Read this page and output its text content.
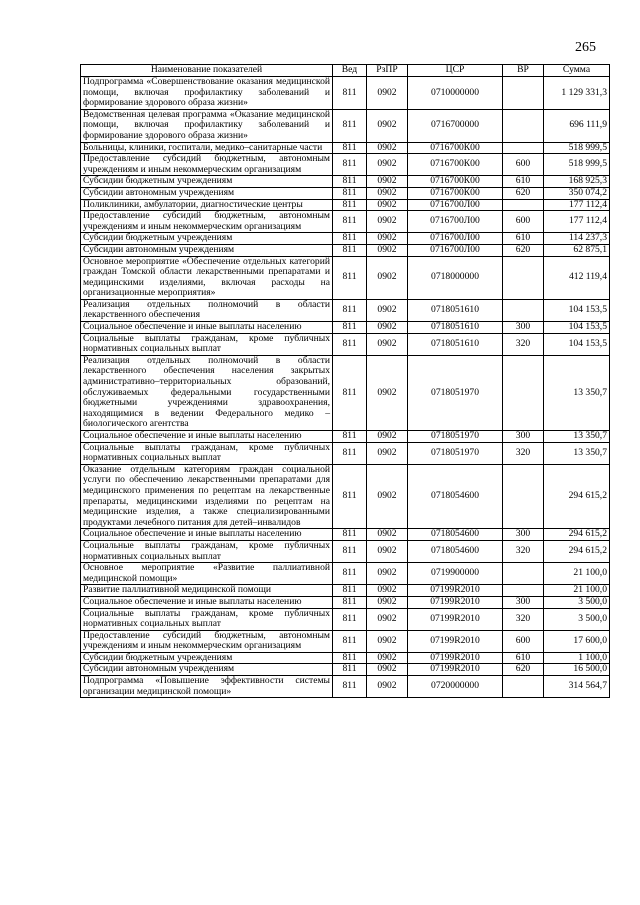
265
Наименование показателей	Вед	РзПР	ЦСР	ВР	Сумма
Подпрограмма «Совершенствование оказания медицинской помощи, включая профилактику заболеваний и формирование здорового образа жизни»	811	0902	0710000000		1 129 331,3
Ведомственная целевая программа «Оказание медицинской помощи, включая профилактику заболеваний и формирование здорового образа жизни»	811	0902	0716700000		696 111,9
Больницы, клиники, госпитали, медико–санитарные части	811	0902	0716700К00		518 999,5
Предоставление субсидий бюджетным, автономным учреждениям и иным некоммерческим организациям	811	0902	0716700К00	600	518 999,5
Субсидии бюджетным учреждениям	811	0902	0716700К00	610	168 925,3
Субсидии автономным учреждениям	811	0902	0716700К00	620	350 074,2
Поликлиники, амбулатории, диагностические центры	811	0902	0716700Л00		177 112,4
Предоставление субсидий бюджетным, автономным учреждениям и иным некоммерческим организациям	811	0902	0716700Л00	600	177 112,4
Субсидии бюджетным учреждениям	811	0902	0716700Л00	610	114 237,3
Субсидии автономным учреждениям	811	0902	0716700Л00	620	62 875,1
Основное мероприятие «Обеспечение отдельных категорий граждан Томской области лекарственными препаратами и медицинскими изделиями, включая расходы на организационные мероприятия»	811	0902	0718000000		412 119,4
Реализация отдельных полномочий в области лекарственного обеспечения	811	0902	0718051610		104 153,5
Социальное обеспечение и иные выплаты населению	811	0902	0718051610	300	104 153,5
Социальные выплаты гражданам, кроме публичных нормативных социальных выплат	811	0902	0718051610	320	104 153,5
Реализация отдельных полномочий в области лекарственного обеспечения населения закрытых административно–территориальных образований, обслуживаемых федеральными государственными бюджетными учреждениями здравоохранения, находящимися в ведении Федерального медико – биологического агентства	811	0902	0718051970		13 350,7
Социальное обеспечение и иные выплаты населению	811	0902	0718051970	300	13 350,7
Социальные выплаты гражданам, кроме публичных нормативных социальных выплат	811	0902	0718051970	320	13 350,7
Оказание отдельным категориям граждан социальной услуги по обеспечению лекарственными препаратами для медицинского применения по рецептам на лекарственные препараты, медицинскими изделиями по рецептам на медицинские изделия, а также специализированными продуктами лечебного питания для детей–инвалидов	811	0902	0718054600		294 615,2
Социальное обеспечение и иные выплаты населению	811	0902	0718054600	300	294 615,2
Социальные выплаты гражданам, кроме публичных нормативных социальных выплат	811	0902	0718054600	320	294 615,2
Основное мероприятие «Развитие паллиативной медицинской помощи»	811	0902	0719900000		21 100,0
Развитие паллиативной медицинской помощи	811	0902	07199R2010		21 100,0
Социальное обеспечение и иные выплаты населению	811	0902	07199R2010	300	3 500,0
Социальные выплаты гражданам, кроме публичных нормативных социальных выплат	811	0902	07199R2010	320	3 500,0
Предоставление субсидий бюджетным, автономным учреждениям и иным некоммерческим организациям	811	0902	07199R2010	600	17 600,0
Субсидии бюджетным учреждениям	811	0902	07199R2010	610	1 100,0
Субсидии автономным учреждениям	811	0902	07199R2010	620	16 500,0
Подпрограмма «Повышение эффективности системы организации медицинской помощи»	811	0902	0720000000		314 564,7
